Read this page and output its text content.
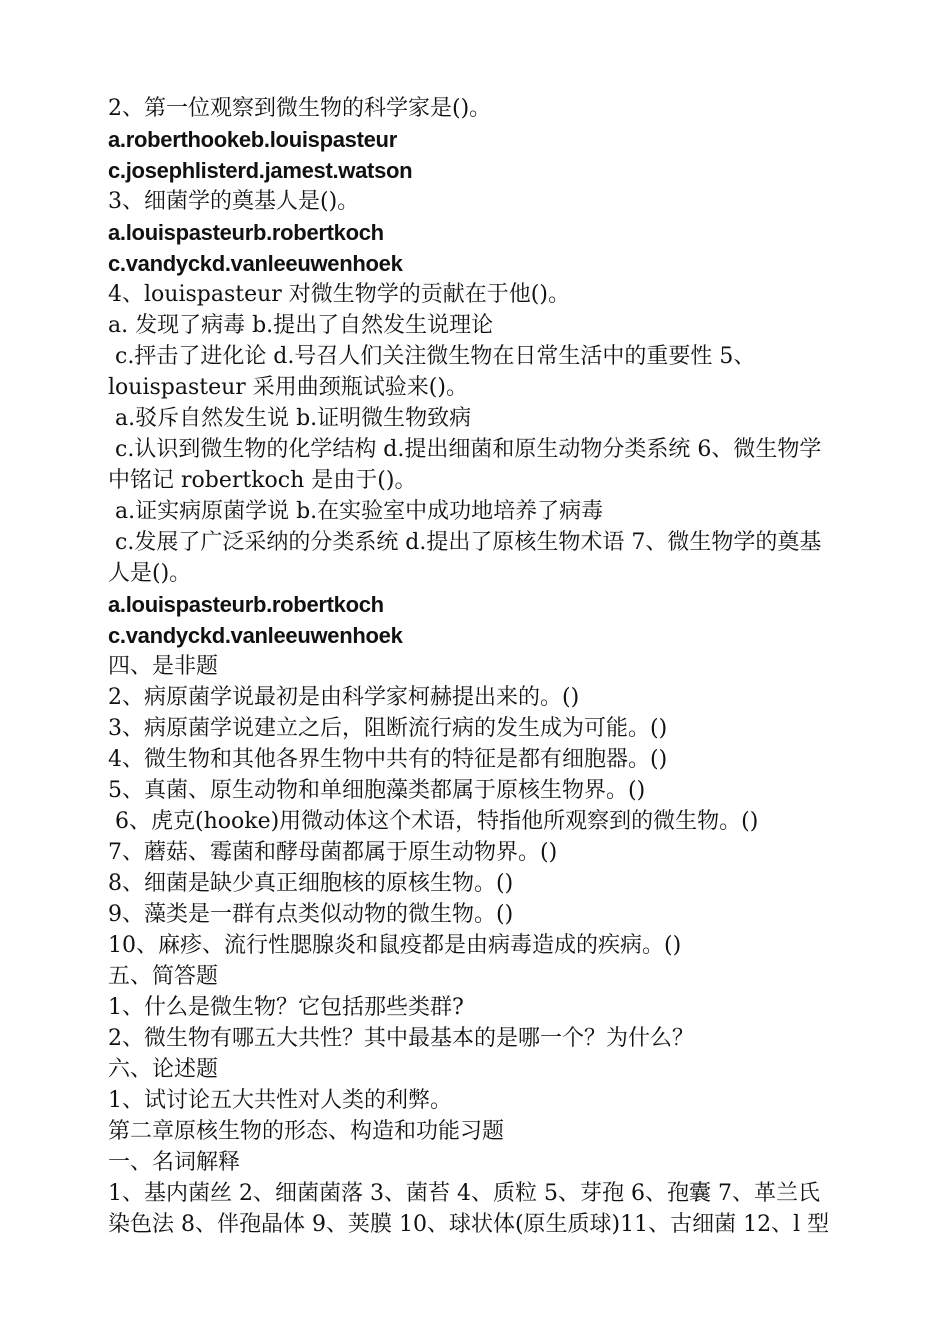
2、第一位观察到微生物的科学家是()。
a.roberthookeb.louispasteur
c.josephlisterd.jamest.watson
3、细菌学的奠基人是()。
a.louispasteurb.robertkoch
c.vandyckd.vanleeuwenhoek
4、louispasteur 对微生物学的贡献在于他()。
a. 发现了病毒 b.提出了自然发生说理论
c.抨击了进化论 d.号召人们关注微生物在日常生活中的重要性 5、
louispasteur 采用曲颈瓶试验来()。
a.驳斥自然发生说 b.证明微生物致病
c.认识到微生物的化学结构 d.提出细菌和原生动物分类系统 6、微生物学
中铭记 robertkoch 是由于()。
a.证实病原菌学说 b.在实验室中成功地培养了病毒
c.发展了广泛采纳的分类系统 d.提出了原核生物术语 7、微生物学的奠基
人是()。
a.louispasteurb.robertkoch
c.vandyckd.vanleeuwenhoek
四、是非题
2、病原菌学说最初是由科学家柯赫提出来的。()
3、病原菌学说建立之后，阻断流行病的发生成为可能。()
4、微生物和其他各界生物中共有的特征是都有细胞器。()
5、真菌、原生动物和单细胞藻类都属于原核生物界。()
6、虎克(hooke)用微动体这个术语，特指他所观察到的微生物。()
7、蘑菇、霉菌和酵母菌都属于原生动物界。()
8、细菌是缺少真正细胞核的原核生物。()
9、藻类是一群有点类似动物的微生物。()
10、麻疹、流行性腮腺炎和鼠疫都是由病毒造成的疾病。()
五、简答题
1、什么是微生物？它包括那些类群?
2、微生物有哪五大共性？其中最基本的是哪一个？为什么？
六、论述题
1、试讨论五大共性对人类的利弊。
第二章原核生物的形态、构造和功能习题
一、名词解释
1、基内菌丝 2、细菌菌落 3、菌苔 4、质粒 5、芽孢 6、孢囊 7、革兰氏
染色法 8、伴孢晶体 9、荚膜 10、球状体(原生质球)11、古细菌 12、l 型
